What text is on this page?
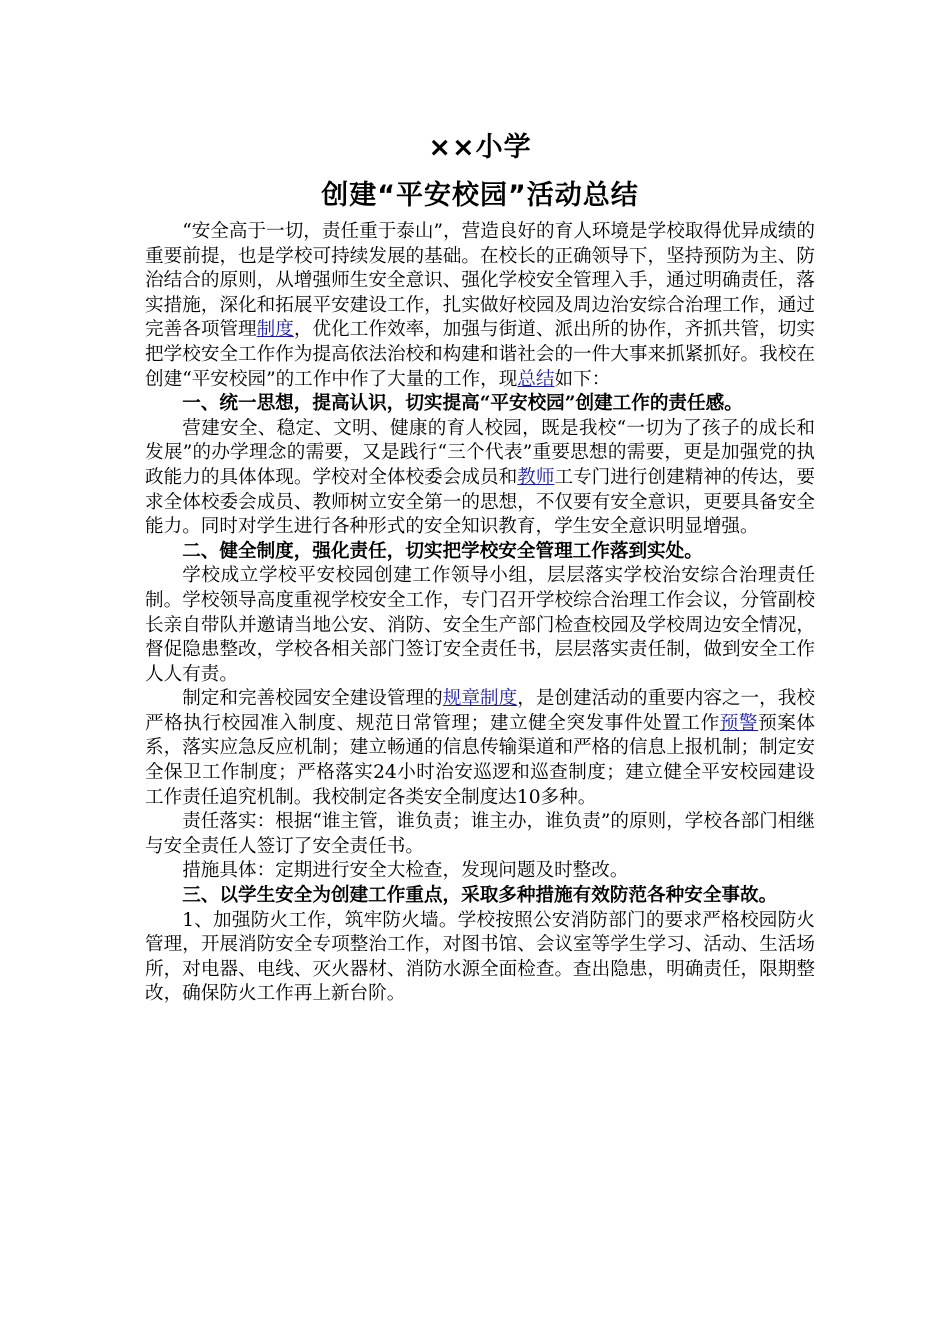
××小学
创建“平安校园”活动总结

“安全高于一切，责任重于泰山”，营造良好的育人环境是学校取得优异成绩的重要前提，也是学校可持续发展的基础。在校长的正确领导下，坚持预防为主、防治结合的原则，从增强师生安全意识、强化学校安全管理入手，通过明确责任，落实措施，深化和拓展平安建设工作，扎实做好校园及周边治安综合治理工作，通过完善各项管理制度，优化工作效率，加强与街道、派出所的协作，齐抓共管，切实把学校安全工作作为提高依法治校和构建和谐社会的一件大事来抓紧抓好。我校在创建“平安校园”的工作中作了大量的工作，现总结如下：

一、统一思想，提高认识，切实提高“平安校园”创建工作的责任感。

营建安全、稳定、文明、健康的育人校园，既是我校“一切为了孩子的成长和发展”的办学理念的需要，又是践行“三个代表”重要思想的需要，更是加强党的执政能力的具体体现。学校对全体校委会成员和教师工专门进行创建精神的传达，要求全体校委会成员、教师树立安全第一的思想，不仅要有安全意识，更要具备安全能力。同时对学生进行各种形式的安全知识教育，学生安全意识明显增强。

二、健全制度，强化责任，切实把学校安全管理工作落到实处。

学校成立学校平安校园创建工作领导小组，层层落实学校治安综合治理责任制。学校领导高度重视学校安全工作，专门召开学校综合治理工作会议，分管副校长亲自带队并邀请当地公安、消防、安全生产部门检查校园及学校周边安全情况，督促隐患整改，学校各相关部门签订安全责任书，层层落实责任制，做到安全工作人人有责。

制定和完善校园安全建设管理的规章制度，是创建活动的重要内容之一，我校严格执行校园准入制度、规范日常管理；建立健全突发事件处置工作预警预案体系，落实应急反应机制；建立畅通的信息传输渠道和严格的信息上报机制；制定安全保卫工作制度；严格落实24小时治安巡逻和巡查制度；建立健全平安校园建设工作责任追究机制。我校制定各类安全制度达10多种。

责任落实：根据“谁主管，谁负责；谁主办，谁负责”的原则，学校各部门相继与安全责任人签订了安全责任书。

措施具体：定期进行安全大检查，发现问题及时整改。

三、以学生安全为创建工作重点，采取多种措施有效防范各种安全事故。

1、加强防火工作，筑牢防火墙。学校按照公安消防部门的要求严格校园防火管理，开展消防安全专项整治工作，对图书馆、会议室等学生学习、活动、生活场所，对电器、电线、灭火器材、消防水源全面检查。查出隐患，明确责任，限期整改，确保防火工作再上新台阶。
